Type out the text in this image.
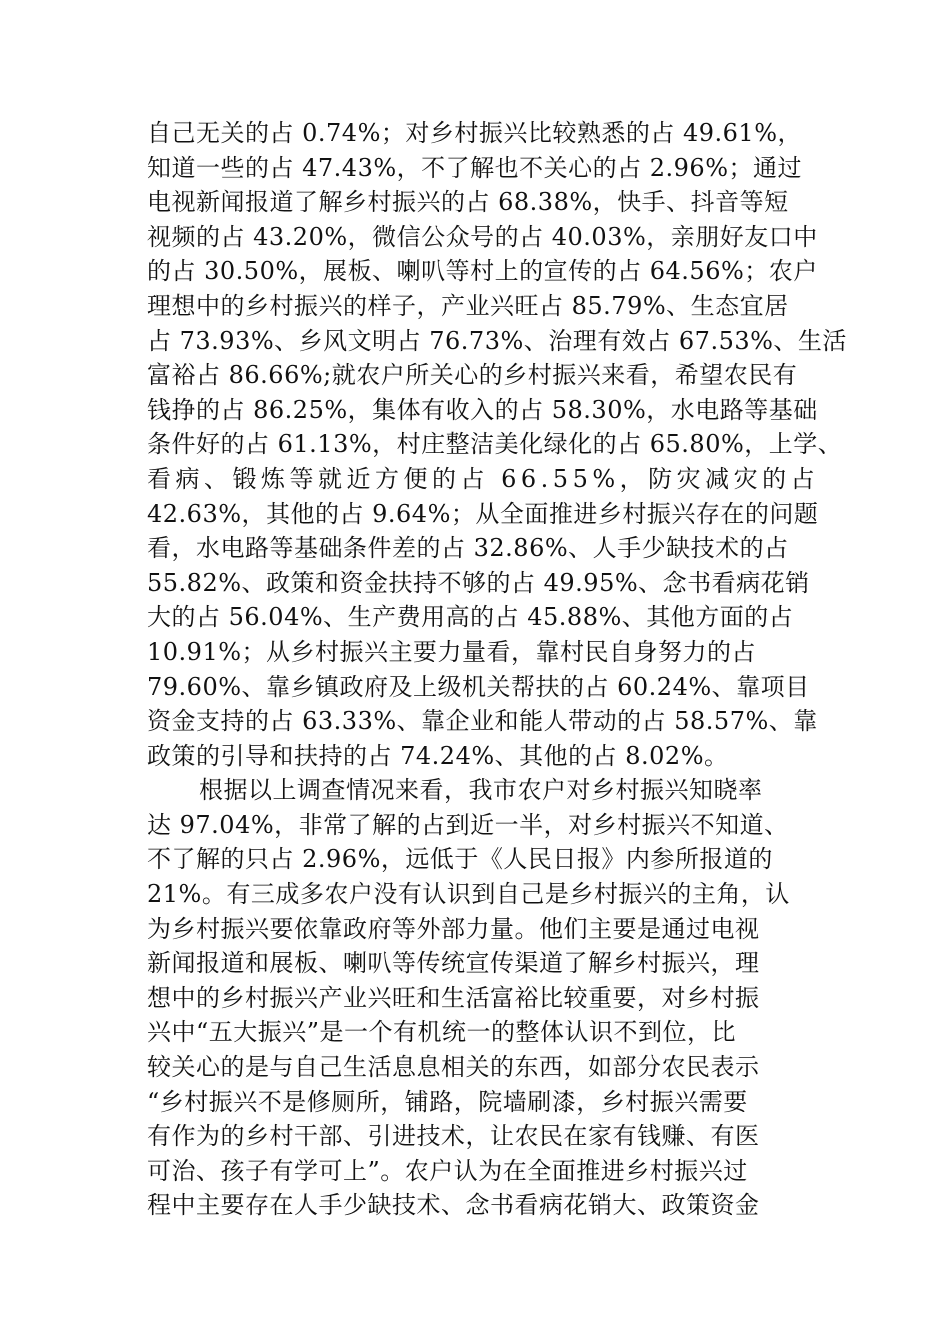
自己无关的占 0.74%；对乡村振兴比较熟悉的占 49.61%，
知道一些的占 47.43%，不了解也不关心的占 2.96%；通过
电视新闻报道了解乡村振兴的占 68.38%，快手、抖音等短
视频的占 43.20%，微信公众号的占 40.03%，亲朋好友口中
的占 30.50%，展板、喇叭等村上的宣传的占 64.56%；农户
理想中的乡村振兴的样子，产业兴旺占 85.79%、生态宜居
占 73.93%、乡风文明占 76.73%、治理有效占 67.53%、生活
富裕占 86.66%;就农户所关心的乡村振兴来看，希望农民有
钱挣的占 86.25%，集体有收入的占 58.30%，水电路等基础
条件好的占 61.13%，村庄整洁美化绿化的占 65.80%，上学、
看病、锻炼等就近方便的占 66.55%，防灾减灾的占
42.63%，其他的占 9.64%；从全面推进乡村振兴存在的问题
看，水电路等基础条件差的占 32.86%、人手少缺技术的占
55.82%、政策和资金扶持不够的占 49.95%、念书看病花销
大的占 56.04%、生产费用高的占 45.88%、其他方面的占
10.91%；从乡村振兴主要力量看，靠村民自身努力的占
79.60%、靠乡镇政府及上级机关帮扶的占 60.24%、靠项目
资金支持的占 63.33%、靠企业和能人带动的占 58.57%、靠
政策的引导和扶持的占 74.24%、其他的占 8.02%。
根据以上调查情况来看，我市农户对乡村振兴知晓率
达 97.04%，非常了解的占到近一半，对乡村振兴不知道、
不了解的只占 2.96%，远低于《人民日报》内参所报道的
21%。有三成多农户没有认识到自己是乡村振兴的主角，认
为乡村振兴要依靠政府等外部力量。他们主要是通过电视
新闻报道和展板、喇叭等传统宣传渠道了解乡村振兴，理
想中的乡村振兴产业兴旺和生活富裕比较重要，对乡村振
兴中“五大振兴”是一个有机统一的整体认识不到位，比
较关心的是与自己生活息息相关的东西，如部分农民表示
“乡村振兴不是修厕所，铺路，院墙刷漆，乡村振兴需要
有作为的乡村干部、引进技术，让农民在家有钱赚、有医
可治、孩子有学可上”。农户认为在全面推进乡村振兴过
程中主要存在人手少缺技术、念书看病花销大、政策资金
